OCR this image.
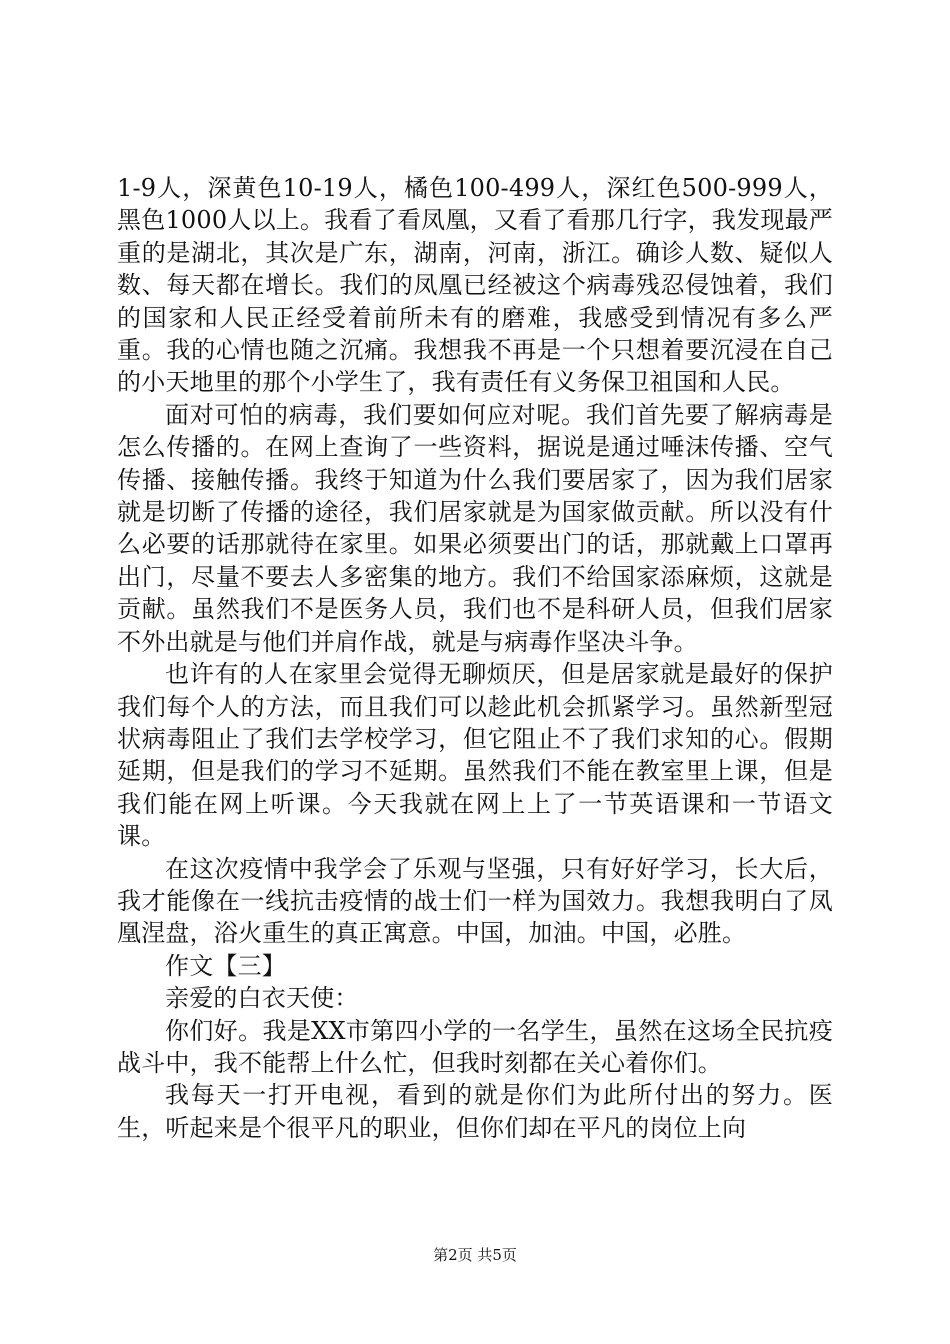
1-9人，深黄色10-19人，橘色100-499人，深红色500-999人，黑色1000人以上。我看了看凤凰，又看了看那几行字，我发现最严重的是湖北，其次是广东，湖南，河南，浙江。确诊人数、疑似人数、每天都在增长。我们的凤凰已经被这个病毒残忍侵蚀着，我们的国家和人民正经受着前所未有的磨难，我感受到情况有多么严重。我的心情也随之沉痛。我想我不再是一个只想着要沉浸在自己的小天地里的那个小学生了，我有责任有义务保卫祖国和人民。

面对可怕的病毒，我们要如何应对呢。我们首先要了解病毒是怎么传播的。在网上查询了一些资料，据说是通过唾沫传播、空气传播、接触传播。我终于知道为什么我们要居家了，因为我们居家就是切断了传播的途径，我们居家就是为国家做贡献。所以没有什么必要的话那就待在家里。如果必须要出门的话，那就戴上口罩再出门，尽量不要去人多密集的地方。我们不给国家添麻烦，这就是贡献。虽然我们不是医务人员，我们也不是科研人员，但我们居家不外出就是与他们并肩作战，就是与病毒作坚决斗争。

也许有的人在家里会觉得无聊烦厌，但是居家就是最好的保护我们每个人的方法，而且我们可以趁此机会抓紧学习。虽然新型冠状病毒阻止了我们去学校学习，但它阻止不了我们求知的心。假期延期，但是我们的学习不延期。虽然我们不能在教室里上课，但是我们能在网上听课。今天我就在网上上了一节英语课和一节语文课。

在这次疫情中我学会了乐观与坚强，只有好好学习，长大后，我才能像在一线抗击疫情的战士们一样为国效力。我想我明白了凤凰涅盘，浴火重生的真正寓意。中国，加油。中国，必胜。

作文【三】

亲爱的白衣天使：

你们好。我是XX市第四小学的一名学生，虽然在这场全民抗疫战斗中，我不能帮上什么忙，但我时刻都在关心着你们。

我每天一打开电视，看到的就是你们为此所付出的努力。医生，听起来是个很平凡的职业，但你们却在平凡的岗位上向

第2页 共5页
